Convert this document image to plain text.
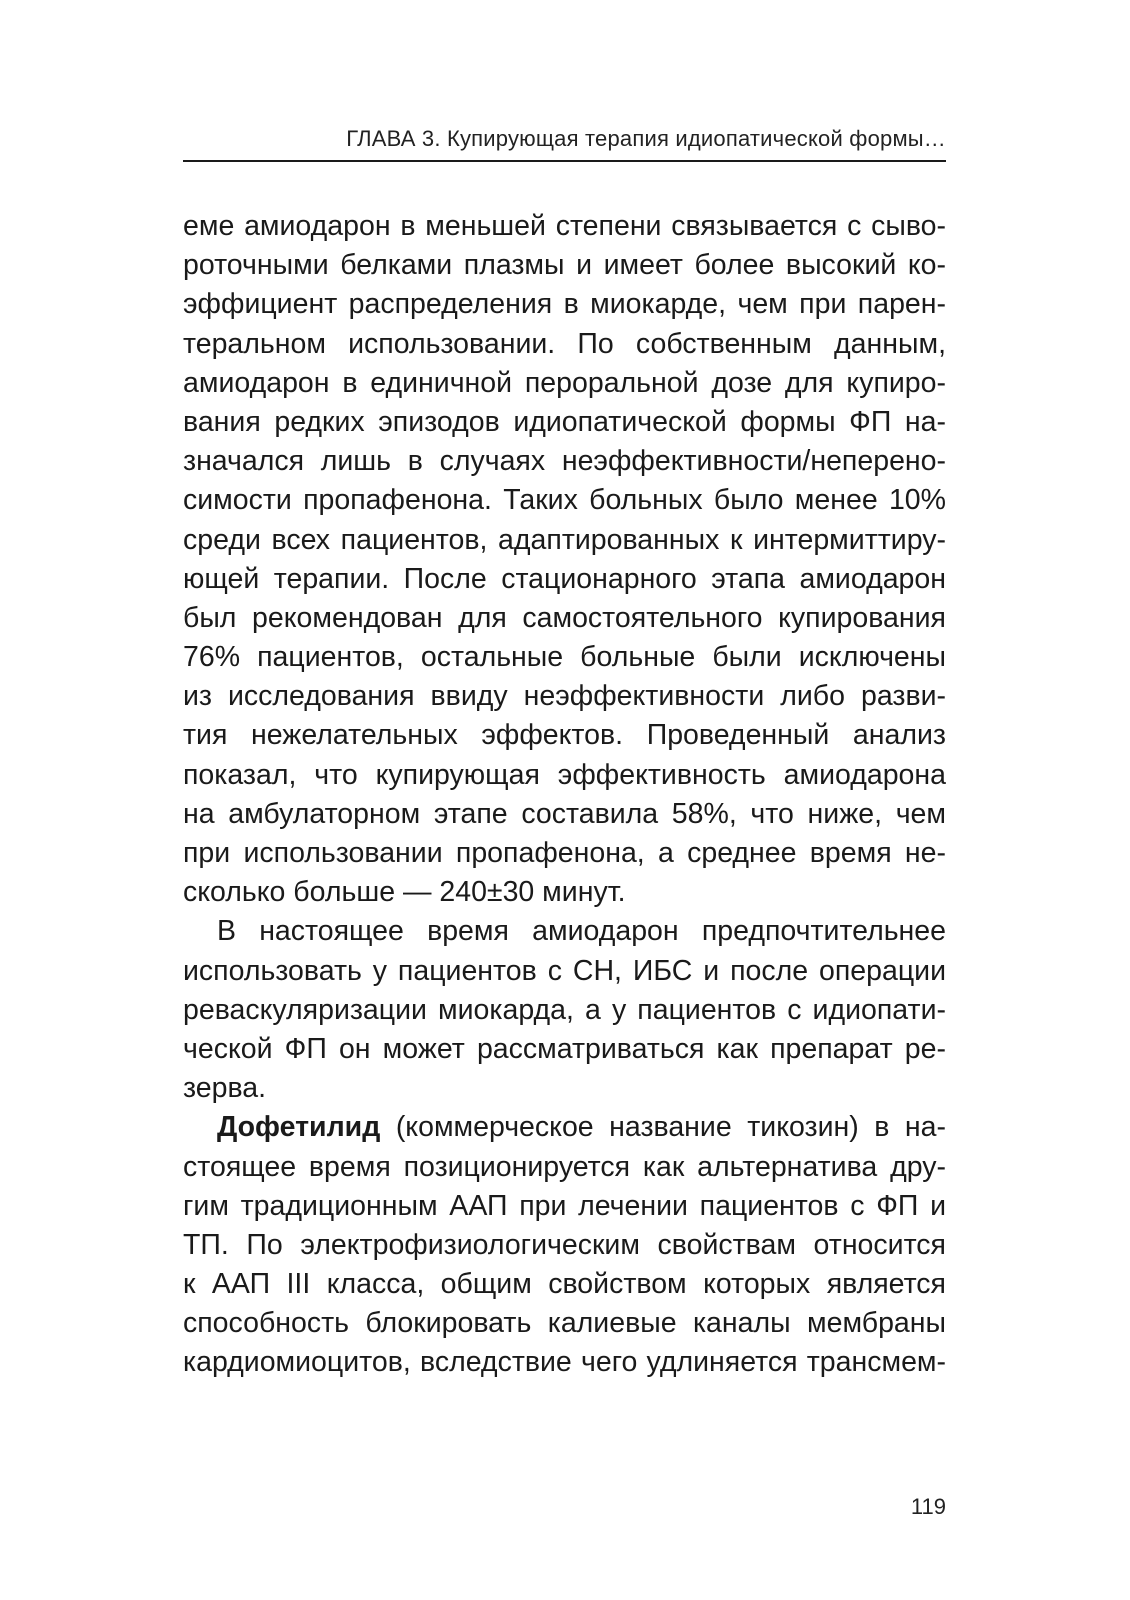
ГЛАВА 3. Купирующая терапия идиопатической формы…
еме амиодарон в меньшей степени связывается с сыво-
роточными белками плазмы и имеет более высокий ко-
эффициент распределения в миокарде, чем при парен-
теральном использовании. По собственным данным,
амиодарон в единичной пероральной дозе для купиро-
вания редких эпизодов идиопатической формы ФП на-
значался лишь в случаях неэффективности/неперено-
симости пропафенона. Таких больных было менее 10%
среди всех пациентов, адаптированных к интермиттиру-
ющей терапии. После стационарного этапа амиодарон
был рекомендован для самостоятельного купирования
76% пациентов, остальные больные были исключены
из исследования ввиду неэффективности либо разви-
тия нежелательных эффектов. Проведенный анализ
показал, что купирующая эффективность амиодарона
на амбулаторном этапе составила 58%, что ниже, чем
при использовании пропафенона, а среднее время не-
сколько больше — 240±30 минут.
В настоящее время амиодарон предпочтительнее
использовать у пациентов с СН, ИБС и после операции
реваскуляризации миокарда, а у пациентов с идиопати-
ческой ФП он может рассматриваться как препарат ре-
зерва.
Дофетилид (коммерческое название тикозин) в на-
стоящее время позиционируется как альтернатива дру-
гим традиционным ААП при лечении пациентов с ФП и
ТП. По электрофизиологическим свойствам относится
к ААП III класса, общим свойством которых является
способность блокировать калиевые каналы мембраны
кардиомиоцитов, вследствие чего удлиняется трансмем-
119
